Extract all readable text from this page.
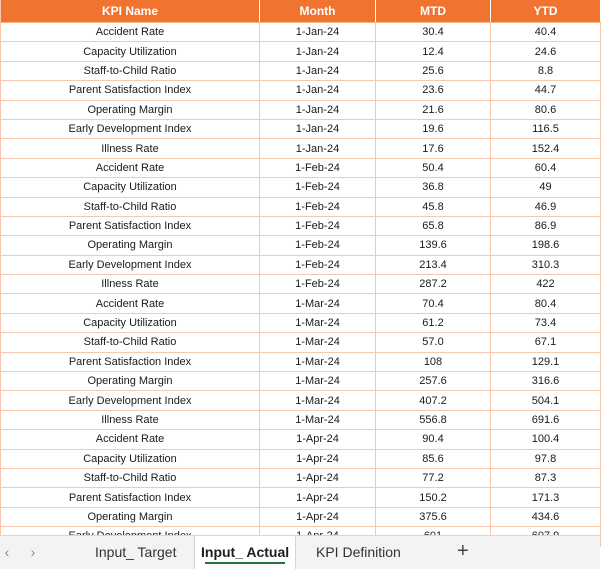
KPI Name	Month	MTD	YTD
Accident Rate	1-Jan-24	30.4	40.4
Capacity Utilization	1-Jan-24	12.4	24.6
Staff-to-Child Ratio	1-Jan-24	25.6	8.8
Parent Satisfaction Index	1-Jan-24	23.6	44.7
Operating Margin	1-Jan-24	21.6	80.6
Early Development Index	1-Jan-24	19.6	116.5
Illness Rate	1-Jan-24	17.6	152.4
Accident Rate	1-Feb-24	50.4	60.4
Capacity Utilization	1-Feb-24	36.8	49
Staff-to-Child Ratio	1-Feb-24	45.8	46.9
Parent Satisfaction Index	1-Feb-24	65.8	86.9
Operating Margin	1-Feb-24	139.6	198.6
Early Development Index	1-Feb-24	213.4	310.3
Illness Rate	1-Feb-24	287.2	422
Accident Rate	1-Mar-24	70.4	80.4
Capacity Utilization	1-Mar-24	61.2	73.4
Staff-to-Child Ratio	1-Mar-24	57.0	67.1
Parent Satisfaction Index	1-Mar-24	108	129.1
Operating Margin	1-Mar-24	257.6	316.6
Early Development Index	1-Mar-24	407.2	504.1
Illness Rate	1-Mar-24	556.8	691.6
Accident Rate	1-Apr-24	90.4	100.4
Capacity Utilization	1-Apr-24	85.6	97.8
Staff-to-Child Ratio	1-Apr-24	77.2	87.3
Parent Satisfaction Index	1-Apr-24	150.2	171.3
Operating Margin	1-Apr-24	375.6	434.6

‹	›	Input_ Target	Input_ Actual	KPI Definition	+
